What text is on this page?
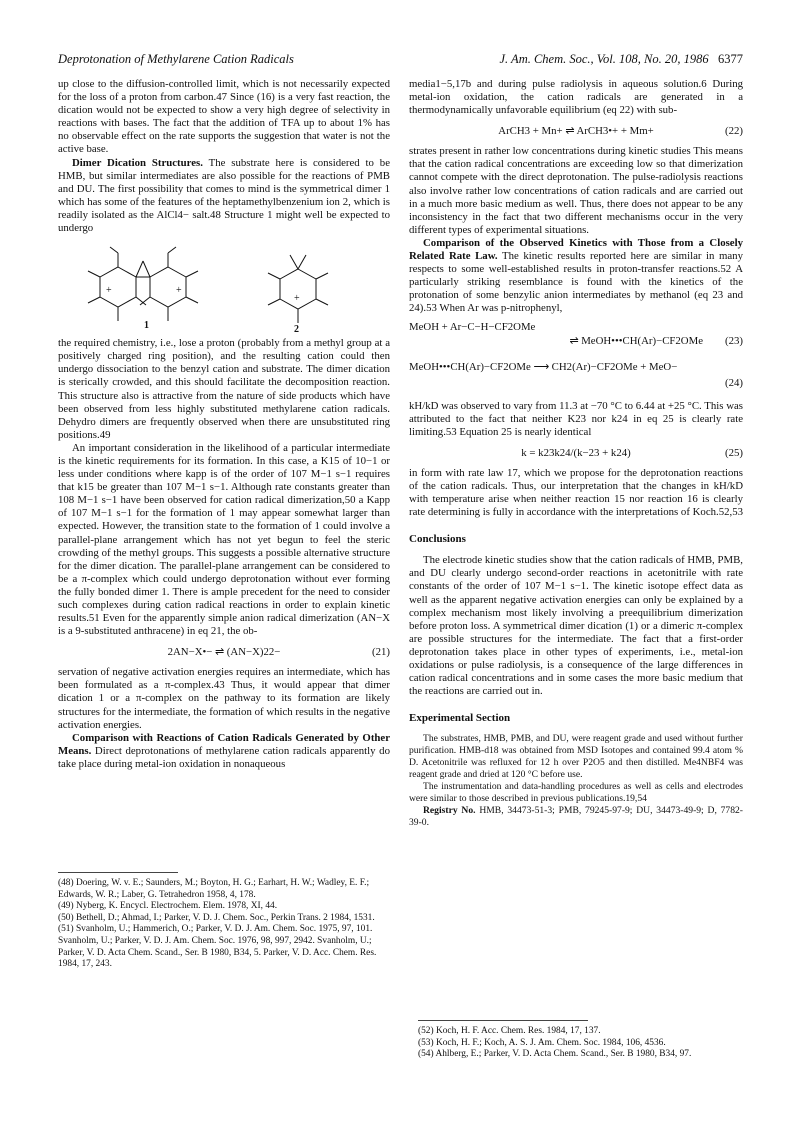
Deprotonation of Methylarene Cation Radicals	J. Am. Chem. Soc., Vol. 108, No. 20, 1986 6377

up close to the diffusion-controlled limit, which is not necessarily expected for the loss of a proton from carbon.47 Since (16) is a very fast reaction, the dication would not be expected to show a very high degree of selectivity in reactions with bases. The fact that the addition of TFA up to about 1% has no observable effect on the rate supports the suggestion that water is not the active base.

Dimer Dication Structures. The substrate here is considered to be HMB, but similar intermediates are also possible for the reactions of PMB and DU. The first possibility that comes to mind is the symmetrical dimer 1 which has some of the features of the heptamethylbenzenium ion 2, which is readily isolated as the AlCl4− salt.48 Structure 1 might well be expected to undergo

+	+
+
1	2

the required chemistry, i.e., lose a proton (probably from a methyl group at a positively charged ring position), and the resulting cation could then undergo dissociation to the benzyl cation and substrate. The dimer dication is sterically crowded, and this should facilitate the decomposition reaction. This structure also is attractive from the nature of side products which have been observed from less highly substituted methylarene cation radicals. Dehydro dimers are frequently observed when there are unsubstituted ring positions.49

An important consideration in the likelihood of a particular intermediate is the kinetic requirements for its formation. In this case, a K15 of 10−1 or less under conditions where kapp is of the order of 107 M−1 s−1 requires that k15 be greater than 107 M−1 s−1. Although rate constants greater than 108 M−1 s−1 have been observed for cation radical dimerization,50 a Kapp of 107 M−1 s−1 for the formation of 1 may appear somewhat larger than expected. However, the transition state to the formation of 1 could involve a parallel-plane arrangement which has not yet begun to feel the steric crowding of the methyl groups. This suggests a possible alternative structure for the dimer dication. The parallel-plane arrangement can be considered to be a π-complex which could undergo deprotonation without ever forming the fully bonded dimer 1. There is ample precedent for the need to consider such complexes during cation radical reactions in order to explain kinetic results.51 Even for the apparently simple anion radical dimerization (AN−X is a 9-substituted anthracene) in eq 21, the ob-

2AN−X•− ⇌ (AN−X)22−	(21)

servation of negative activation energies requires an intermediate, which has been formulated as a π-complex.43 Thus, it would appear that dimer dication 1 or a π-complex on the pathway to its formation are likely structures for the intermediate, the formation of which results in the negative activation energies.

Comparison with Reactions of Cation Radicals Generated by Other Means. Direct deprotonations of methylarene cation radicals apparently do take place during metal-ion oxidation in nonaqueous

(48) Doering, W. v. E.; Saunders, M.; Boyton, H. G.; Earhart, H. W.; Wadley, E. F.; Edwards, W. R.; Laber, G. Tetrahedron 1958, 4, 178.
(49) Nyberg, K. Encycl. Electrochem. Elem. 1978, XI, 44.
(50) Bethell, D.; Ahmad, I.; Parker, V. D. J. Chem. Soc., Perkin Trans. 2 1984, 1531.
(51) Svanholm, U.; Hammerich, O.; Parker, V. D. J. Am. Chem. Soc. 1975, 97, 101. Svanholm, U.; Parker, V. D. J. Am. Chem. Soc. 1976, 98, 997, 2942. Svanholm, U.; Parker, V. D. Acta Chem. Scand., Ser. B 1980, B34, 5. Parker, V. D. Acc. Chem. Res. 1984, 17, 243.

media1−5,17b and during pulse radiolysis in aqueous solution.6 During metal-ion oxidation, the cation radicals are generated in a thermodynamically unfavorable equilibrium (eq 22) with sub-

ArCH3 + Mn+ ⇌ ArCH3•+ + Mm+	(22)

strates present in rather low concentrations during kinetic studies This means that the cation radical concentrations are exceeding low so that dimerization cannot compete with the direct deprotonation. The pulse-radiolysis reactions also involve rather low concentrations of cation radicals and are carried out in a much more basic medium as well. Thus, there does not appear to be any inconsistency in the fact that two different mechanisms occur in the very different types of experimental situations.

Comparison of the Observed Kinetics with Those from a Closely Related Rate Law. The kinetic results reported here are similar in many respects to some well-established results in proton-transfer reactions.52 A particularly striking resemblance is found with the kinetics of the protonation of some benzylic anion intermediates by methanol (eq 23 and 24).53 When Ar was p-nitrophenyl,

MeOH + Ar−C−H−CF2OMe
⇌ MeOH•••CH(Ar)−CF2OMe	(23)
MeOH•••CH(Ar)−CF2OMe ⟶ CH2(Ar)−CF2OMe + MeO−
(24)

kH/kD was observed to vary from 11.3 at −70 °C to 6.44 at +25 °C. This was attributed to the fact that neither K23 nor k24 in eq 25 is clearly rate limiting.53 Equation 25 is nearly identical

k = k23k24/(k−23 + k24)	(25)

in form with rate law 17, which we propose for the deprotonation reactions of the cation radicals. Thus, our interpretation that the changes in kH/kD with temperature arise when neither reaction 15 nor reaction 16 is clearly rate determining is fully in accordance with the interpretations of Koch.52,53

Conclusions

The electrode kinetic studies show that the cation radicals of HMB, PMB, and DU clearly undergo second-order reactions in acetonitrile with rate constants of the order of 107 M−1 s−1. The kinetic isotope effect data as well as the apparent negative activation energies can only be explained by a complex mechanism most likely involving a preequilibrium dimerization before proton loss. A symmetrical dimer dication (1) or a dimeric π-complex are possible structures for the intermediate. The fact that a first-order deprotonation takes place in other types of experiments, i.e., metal-ion oxidations or pulse radiolysis, is a consequence of the large differences in cation radical concentrations and in some cases the more basic medium that the reactions are carried out in.

Experimental Section

The substrates, HMB, PMB, and DU, were reagent grade and used without further purification. HMB-d18 was obtained from MSD Isotopes and contained 99.4 atom % D. Acetonitrile was refluxed for 12 h over P2O5 and then distilled. Me4NBF4 was reagent grade and dried at 120 °C before use.

The instrumentation and data-handling procedures as well as cells and electrodes were similar to those described in previous publications.19,54

Registry No. HMB, 34473-51-3; PMB, 79245-97-9; DU, 34473-49-9; D, 7782-39-0.

(52) Koch, H. F. Acc. Chem. Res. 1984, 17, 137.
(53) Koch, H. F.; Koch, A. S. J. Am. Chem. Soc. 1984, 106, 4536.
(54) Ahlberg, E.; Parker, V. D. Acta Chem. Scand., Ser. B 1980, B34, 97.
